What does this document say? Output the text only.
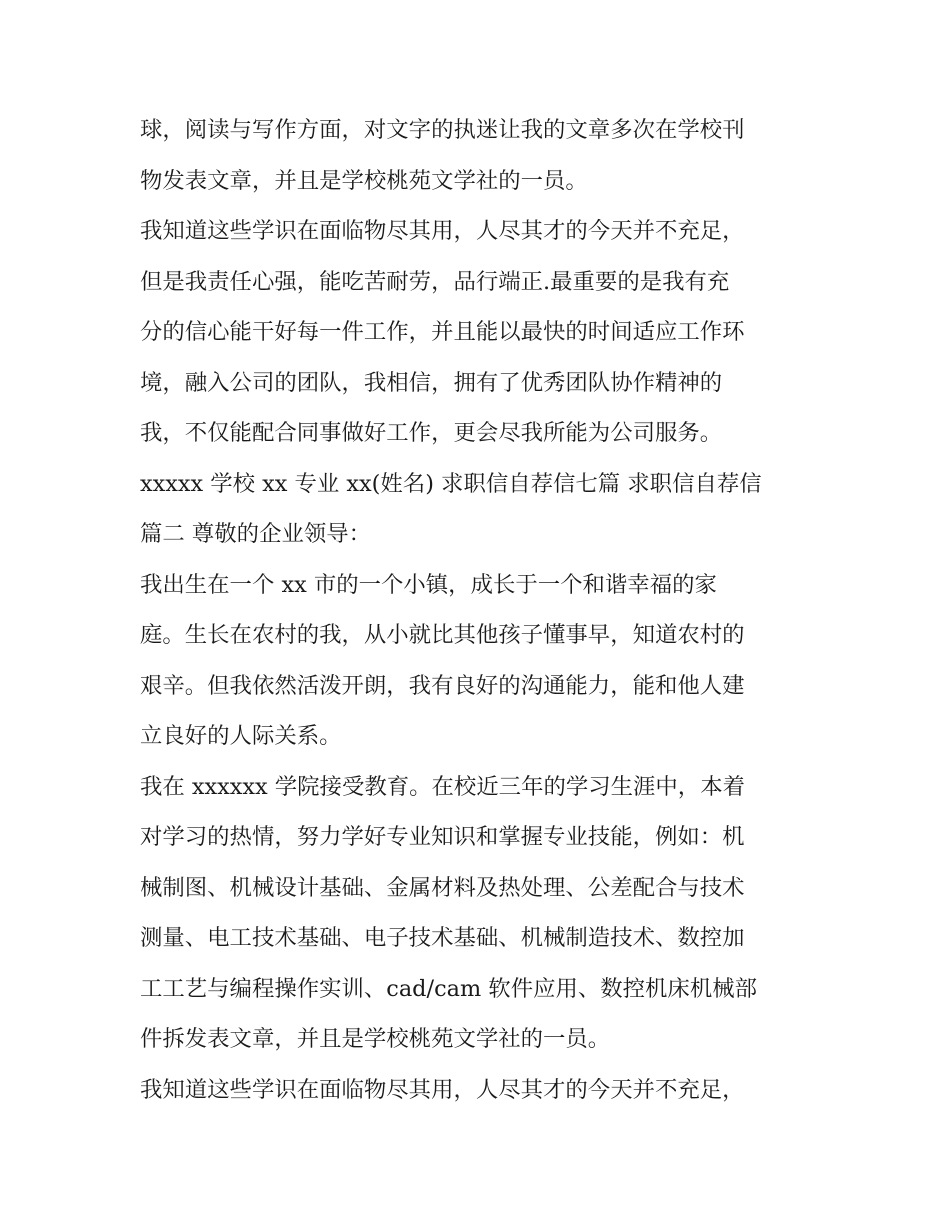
球，阅读与写作方面，对文字的执迷让我的文章多次在学校刊
物发表文章，并且是学校桃苑文学社的一员。
我知道这些学识在面临物尽其用，人尽其才的今天并不充足，
但是我责任心强，能吃苦耐劳，品行端正.最重要的是我有充
分的信心能干好每一件工作，并且能以最快的时间适应工作环
境，融入公司的团队，我相信，拥有了优秀团队协作精神的
我，不仅能配合同事做好工作，更会尽我所能为公司服务。
xxxxx 学校 xx 专业 xx(姓名) 求职信自荐信七篇 求职信自荐信
篇二 尊敬的企业领导：
我出生在一个 xx 市的一个小镇，成长于一个和谐幸福的家
庭。生长在农村的我，从小就比其他孩子懂事早，知道农村的
艰辛。但我依然活泼开朗，我有良好的沟通能力，能和他人建
立良好的人际关系。
我在 xxxxxx 学院接受教育。在校近三年的学习生涯中，本着
对学习的热情，努力学好专业知识和掌握专业技能，例如：机
械制图、机械设计基础、金属材料及热处理、公差配合与技术
测量、电工技术基础、电子技术基础、机械制造技术、数控加
工工艺与编程操作实训、cad/cam 软件应用、数控机床机械部
件拆发表文章，并且是学校桃苑文学社的一员。
我知道这些学识在面临物尽其用，人尽其才的今天并不充足，
